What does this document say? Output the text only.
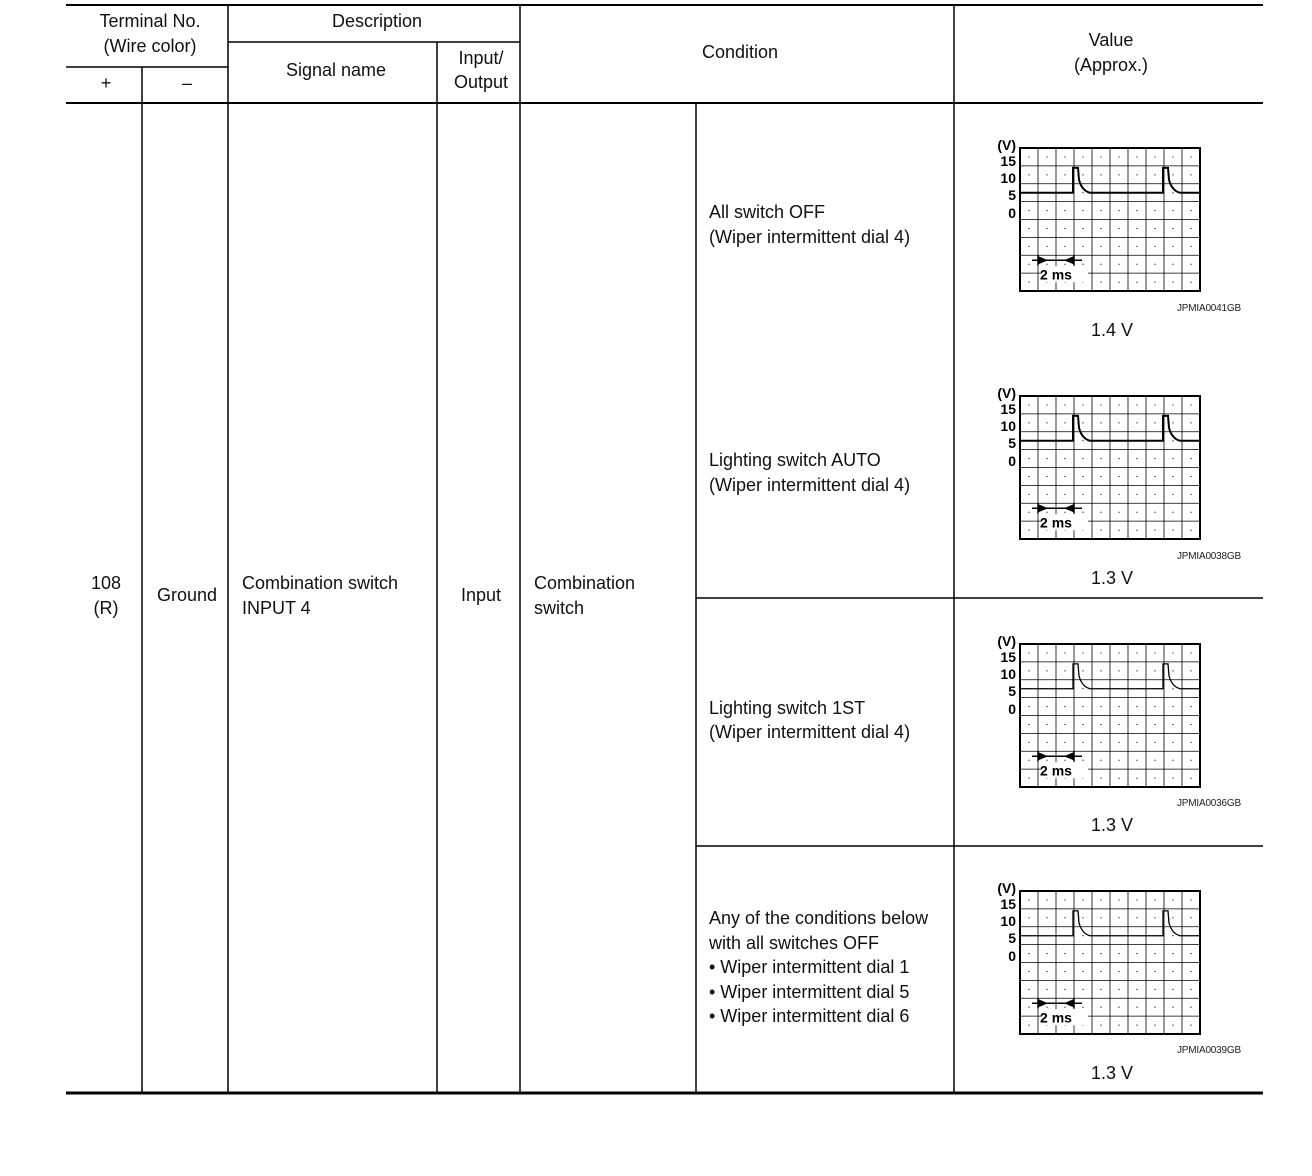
Terminal No.
(Wire color)
+	–
Description
Signal name
Input/
Output
Condition
Value
(Approx.)
108
(R)
Ground
Combination switch
INPUT 4
Input
Combination
switch
All switch OFF
(Wiper intermittent dial 4)
Lighting switch AUTO
(Wiper intermittent dial 4)
Lighting switch 1ST
(Wiper intermittent dial 4)
Any of the conditions below
with all switches OFF
• Wiper intermittent dial 1
• Wiper intermittent dial 5
• Wiper intermittent dial 6
(V)
15
10
5
0
2 ms
(V)
15
10
5
0
2 ms
(V)
15
10
5
0
2 ms
(V)
15
10
5
0
2 ms
JPMIA0041GB
JPMIA0038GB
JPMIA0036GB
JPMIA0039GB
1.4 V
1.3 V
1.3 V
1.3 V
